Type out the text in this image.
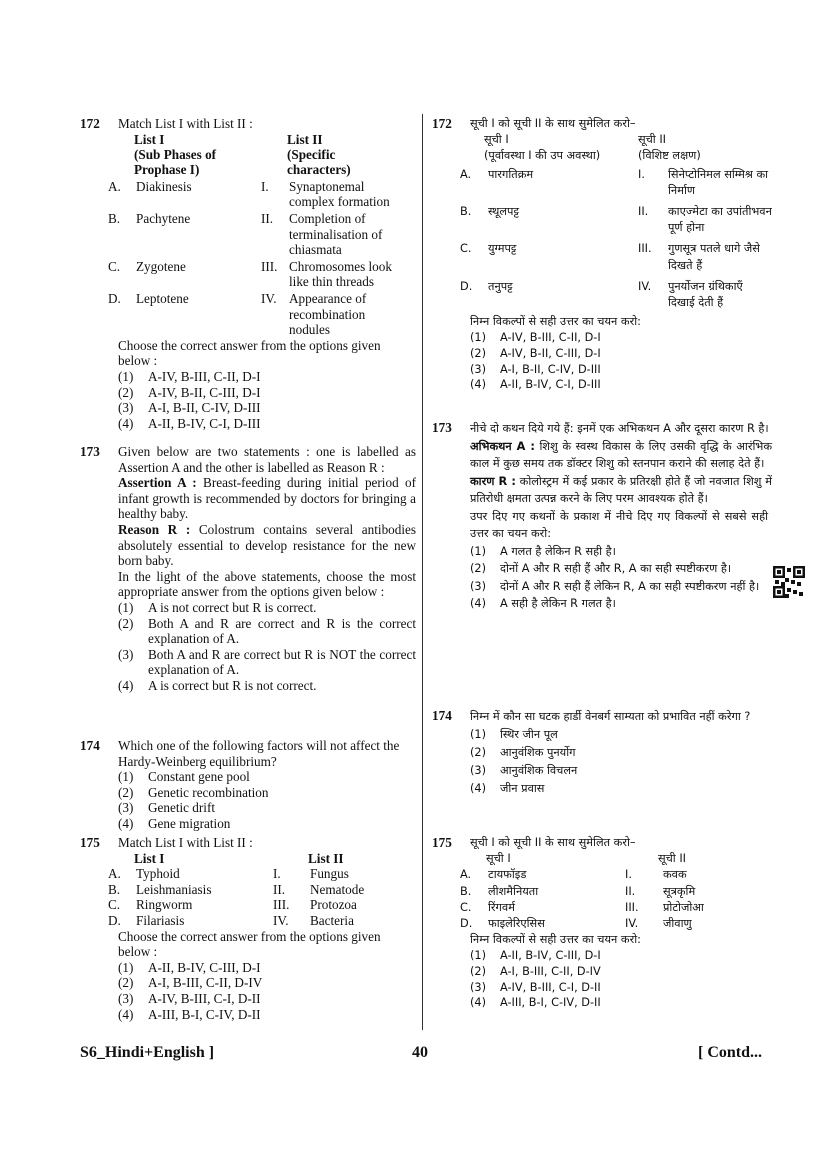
172 Match List I with List II :
List I
(Sub Phases of Prophase I)
List II
(Specific characters)
A.	Diakinesis	I.	Synaptonemal complex formation
B.	Pachytene	II.	Completion of terminalisation of chiasmata
C.	Zygotene	III. Chromosomes look like thin threads
D.	Leptotene	IV. Appearance of recombination nodules
Choose the correct answer from the options given below :
(1)	A-IV, B-III, C-II, D-I
(2)	A-IV, B-II, C-III, D-I
(3)	A-I, B-II, C-IV, D-III
(4)	A-II, B-IV, C-I, D-III
173 Given below are two statements : one is labelled as Assertion A and the other is labelled as Reason R :
Assertion A : Breast-feeding during initial period of infant growth is recommended by doctors for bringing a healthy baby.
Reason R : Colostrum contains several antibodies absolutely essential to develop resistance for the new born baby.
In the light of the above statements, choose the most appropriate answer from the options given below :
(1)	A is not correct but R is correct.
(2)	Both A and R are correct and R is the correct explanation of A.
(3)	Both A and R are correct but R is NOT the correct explanation of A.
(4)	A is correct but R is not correct.
174 Which one of the following factors will not affect the Hardy-Weinberg equilibrium?
(1)	Constant gene pool
(2)	Genetic recombination
(3)	Genetic drift
(4)	Gene migration
175 Match List I with List II :
List I	List II
A.	Typhoid	I.	Fungus
B.	Leishmaniasis	II.	Nematode
C.	Ringworm	III.	Protozoa
D.	Filariasis	IV.	Bacteria
Choose the correct answer from the options given below :
(1)	A-II, B-IV, C-III, D-I
(2)	A-I, B-III, C-II, D-IV
(3)	A-IV, B-III, C-I, D-II
(4)	A-III, B-I, C-IV, D-II
172 सूची I को सूची II के साथ सुमेलित करो–
सूची I
(पूर्वावस्था I की उप अवस्था)
सूची II
(विशिष्ट लक्षण)
A.	पारगतिक्रम	I.	सिनेप्टोनिमल सम्मिश्र का निर्माण
B.	स्थूलपट्ट	II.	काएज्मेटा का उपांतीभवन पूर्ण होना
C.	युग्मपट्ट	III.	गुणसूत्र पतले धागे जैसे दिखते हैं
D.	तनुपट्ट	IV.	पुनर्योजन ग्रंथिकाएँ दिखाई देती हैं
निम्न विकल्पों से सही उत्तर का चयन करो:
(1)	A-IV, B-III, C-II, D-I
(2)	A-IV, B-II, C-III, D-I
(3)	A-I, B-II, C-IV, D-III
(4)	A-II, B-IV, C-I, D-III
173 नीचे दो कथन दिये गये हैं: इनमें एक अभिकथन A और दूसरा कारण R है।
अभिकथन A : शिशु के स्वस्थ विकास के लिए उसकी वृद्धि के आरंभिक काल में कुछ समय तक डॉक्टर शिशु को स्तनपान कराने की सलाह देते हैं।
कारण R : कोलोस्ट्रम में कई प्रकार के प्रतिरक्षी होते हैं जो नवजात शिशु में प्रतिरोधी क्षमता उत्पन्न करने के लिए परम आवश्यक होते हैं।
उपर दिए गए कथनों के प्रकाश में नीचे दिए गए विकल्पों से सबसे सही उत्तर का चयन करो:
(1)	A गलत है लेकिन R सही है।
(2)	दोनों A और R सही हैं और R, A का सही स्पष्टीकरण है।
(3)	दोनों A और R सही हैं लेकिन R, A का सही स्पष्टीकरण नहीं है।
(4)	A सही है लेकिन R गलत है।
174 निम्न में कौन सा घटक हार्डी वेनबर्ग साम्यता को प्रभावित नहीं करेगा ?
(1)	स्थिर जीन पूल
(2)	आनुवंशिक पुनर्योग
(3)	आनुवंशिक विचलन
(4)	जीन प्रवास
175 सूची I को सूची II के साथ सुमेलित करो–
सूची I	सूची II
A.	टायफॉइड	I.	कवक
B.	लीशमैनियता	II.	सूत्रकृमि
C.	रिंगवर्म	III.	प्रोटोजोआ
D.	फाइलेरिएसिस	IV.	जीवाणु
निम्न विकल्पों से सही उत्तर का चयन करो:
(1)	A-II, B-IV, C-III, D-I
(2)	A-I, B-III, C-II, D-IV
(3)	A-IV, B-III, C-I, D-II
(4)	A-III, B-I, C-IV, D-II
S6_Hindi+English ]	40	[ Contd...
